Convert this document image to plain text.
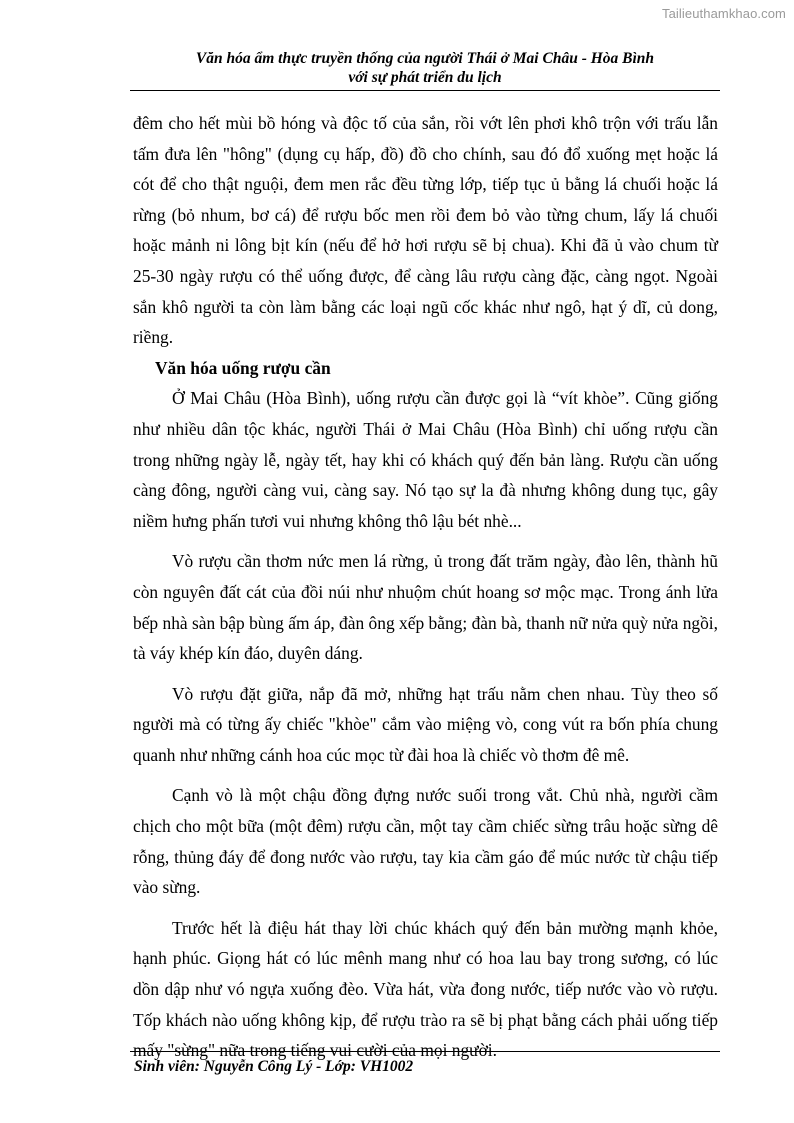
Tailieuthamkhao.com
Văn hóa ẩm thực truyền thống của người Thái ở Mai Châu - Hòa Bình
với sự phát triển du lịch

đêm cho hết mùi bồ hóng và độc tố của sắn, rồi vớt lên phơi khô trộn với trấu lẫn tấm đưa lên "hông" (dụng cụ hấp, đồ) đồ cho chính, sau đó đổ xuống mẹt hoặc lá cót để cho thật nguội, đem men rắc đều từng lớp, tiếp tục ủ bằng lá chuối hoặc lá rừng (bỏ nhum, bơ cá) để rượu bốc men rồi đem bỏ vào từng chum, lấy lá chuối hoặc mảnh ni lông bịt kín (nếu để hở hơi rượu sẽ bị chua). Khi đã ủ vào chum từ 25-30 ngày rượu có thể uống được, để càng lâu rượu càng đặc, càng ngọt. Ngoài sắn khô người ta còn làm bằng các loại ngũ cốc khác như ngô, hạt ý dĩ, củ dong, riềng.

Văn hóa uống rượu cần

Ở Mai Châu (Hòa Bình), uống rượu cần được gọi là “vít khòe”. Cũng giống như nhiều dân tộc khác, người Thái ở Mai Châu (Hòa Bình) chỉ uống rượu cần trong những ngày lễ, ngày tết, hay khi có khách quý đến bản làng. Rượu cần uống càng đông, người càng vui, càng say. Nó tạo sự la đà nhưng không dung tục, gây niềm hưng phấn tươi vui nhưng không thô lậu bét nhè...

Vò rượu cần thơm nức men lá rừng, ủ trong đất trăm ngày, đào lên, thành hũ còn nguyên đất cát của đồi núi như nhuộm chút hoang sơ mộc mạc. Trong ánh lửa bếp nhà sàn bập bùng ấm áp, đàn ông xếp bằng; đàn bà, thanh nữ nửa quỳ nửa ngồi, tà váy khép kín đáo, duyên dáng.

Vò rượu đặt giữa, nắp đã mở, những hạt trấu nằm chen nhau. Tùy theo số người mà có từng ấy chiếc "khòe" cắm vào miệng vò, cong vút ra bốn phía chung quanh như những cánh hoa cúc mọc từ đài hoa là chiếc vò thơm đê mê.

Cạnh vò là một chậu đồng đựng nước suối trong vắt. Chủ nhà, người cầm chịch cho một bữa (một đêm) rượu cần, một tay cầm chiếc sừng trâu hoặc sừng dê rỗng, thủng đáy để đong nước vào rượu, tay kia cầm gáo để múc nước từ chậu tiếp vào sừng.

Trước hết là điệu hát thay lời chúc khách quý đến bản mường mạnh khỏe, hạnh phúc. Giọng hát có lúc mênh mang như có hoa lau bay trong sương, có lúc dồn dập như vó ngựa xuống đèo. Vừa hát, vừa đong nước, tiếp nước vào vò rượu. Tốp khách nào uống không kịp, để rượu trào ra sẽ bị phạt bằng cách phải uống tiếp mấy "sừng" nữa trong tiếng vui cười của mọi người.

Sinh viên: Nguyễn Công Lý - Lớp: VH1002
